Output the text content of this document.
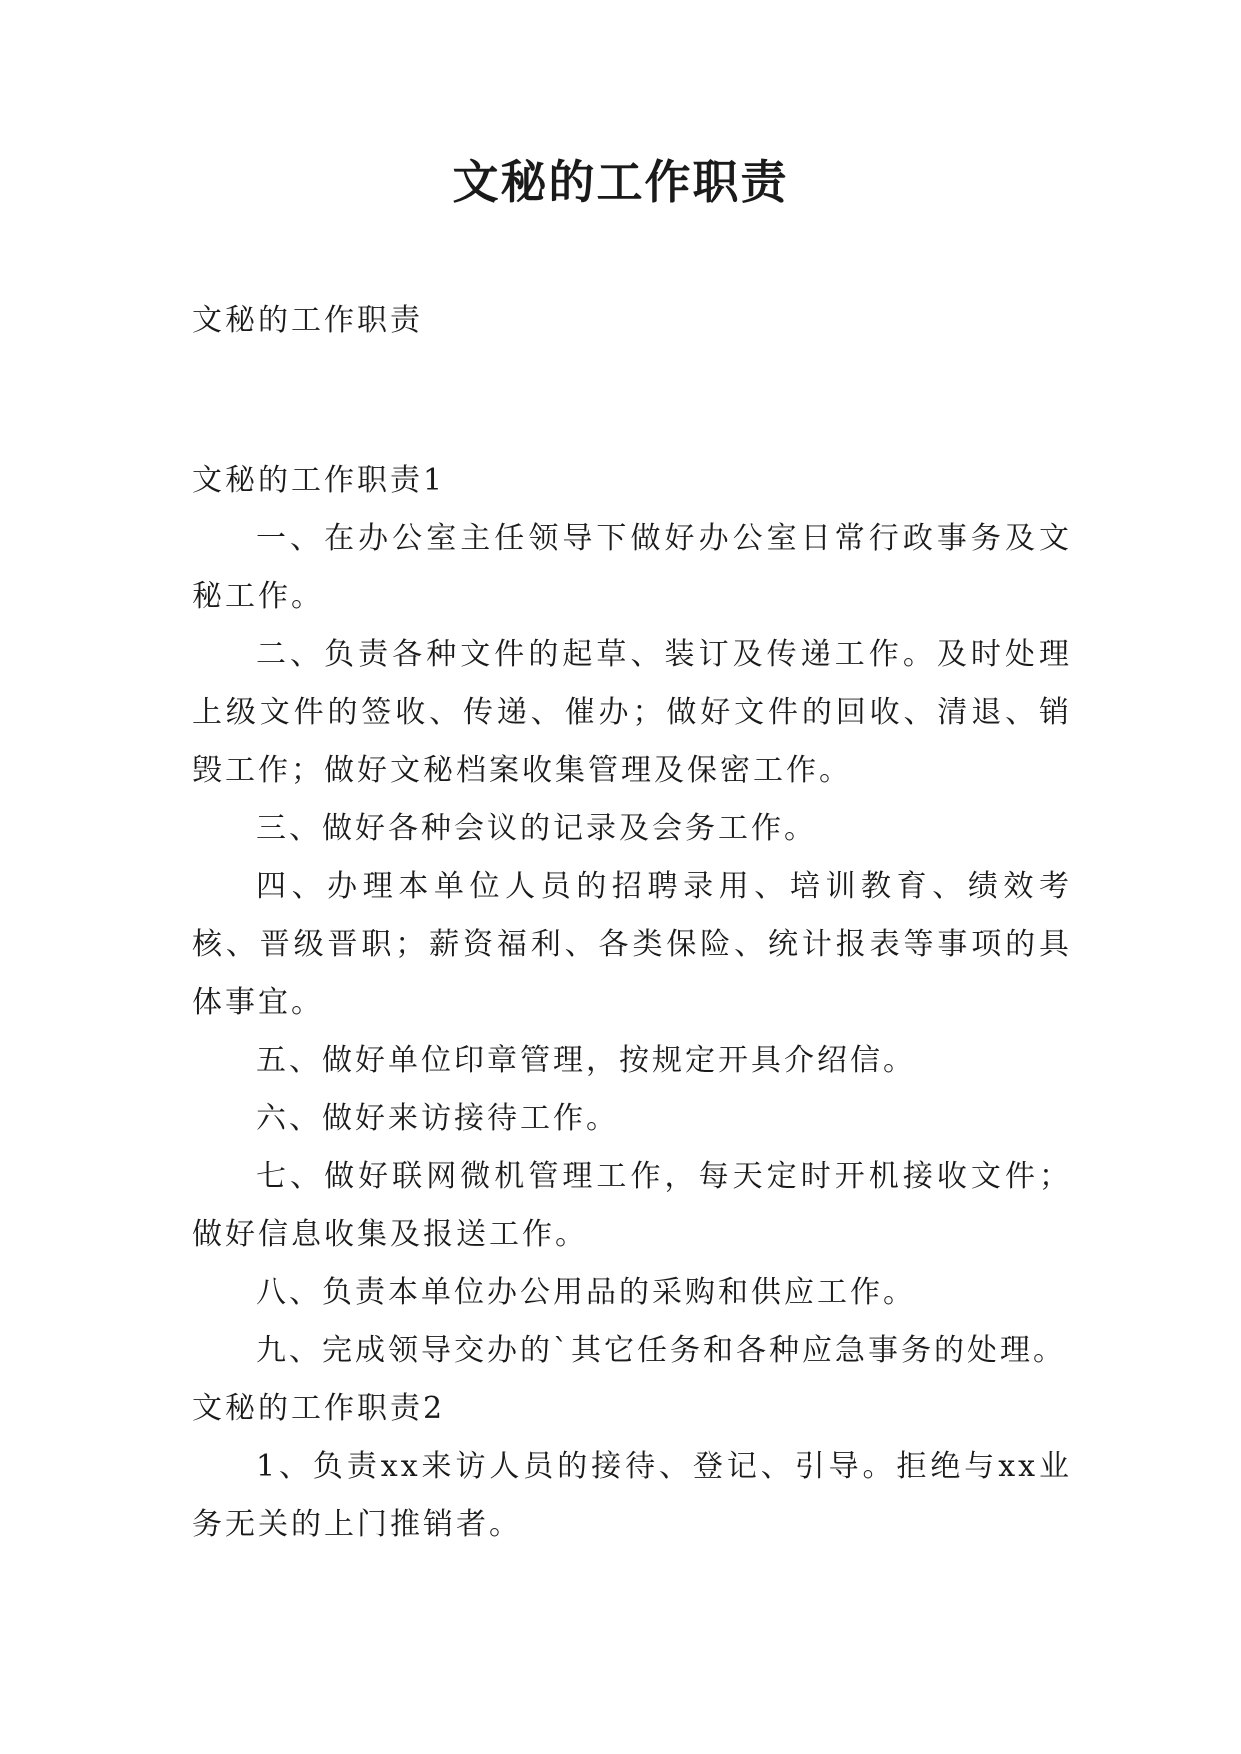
文秘的工作职责

文秘的工作职责

文秘的工作职责1

一、在办公室主任领导下做好办公室日常行政事务及文秘工作。

二、负责各种文件的起草、装订及传递工作。及时处理上级文件的签收、传递、催办；做好文件的回收、清退、销毁工作；做好文秘档案收集管理及保密工作。

三、做好各种会议的记录及会务工作。

四、办理本单位人员的招聘录用、培训教育、绩效考核、晋级晋职；薪资福利、各类保险、统计报表等事项的具体事宜。

五、做好单位印章管理，按规定开具介绍信。

六、做好来访接待工作。

七、做好联网微机管理工作，每天定时开机接收文件；做好信息收集及报送工作。

八、负责本单位办公用品的采购和供应工作。

九、完成领导交办的`其它任务和各种应急事务的处理。

文秘的工作职责2

1、负责xx来访人员的接待、登记、引导。拒绝与xx业务无关的上门推销者。
